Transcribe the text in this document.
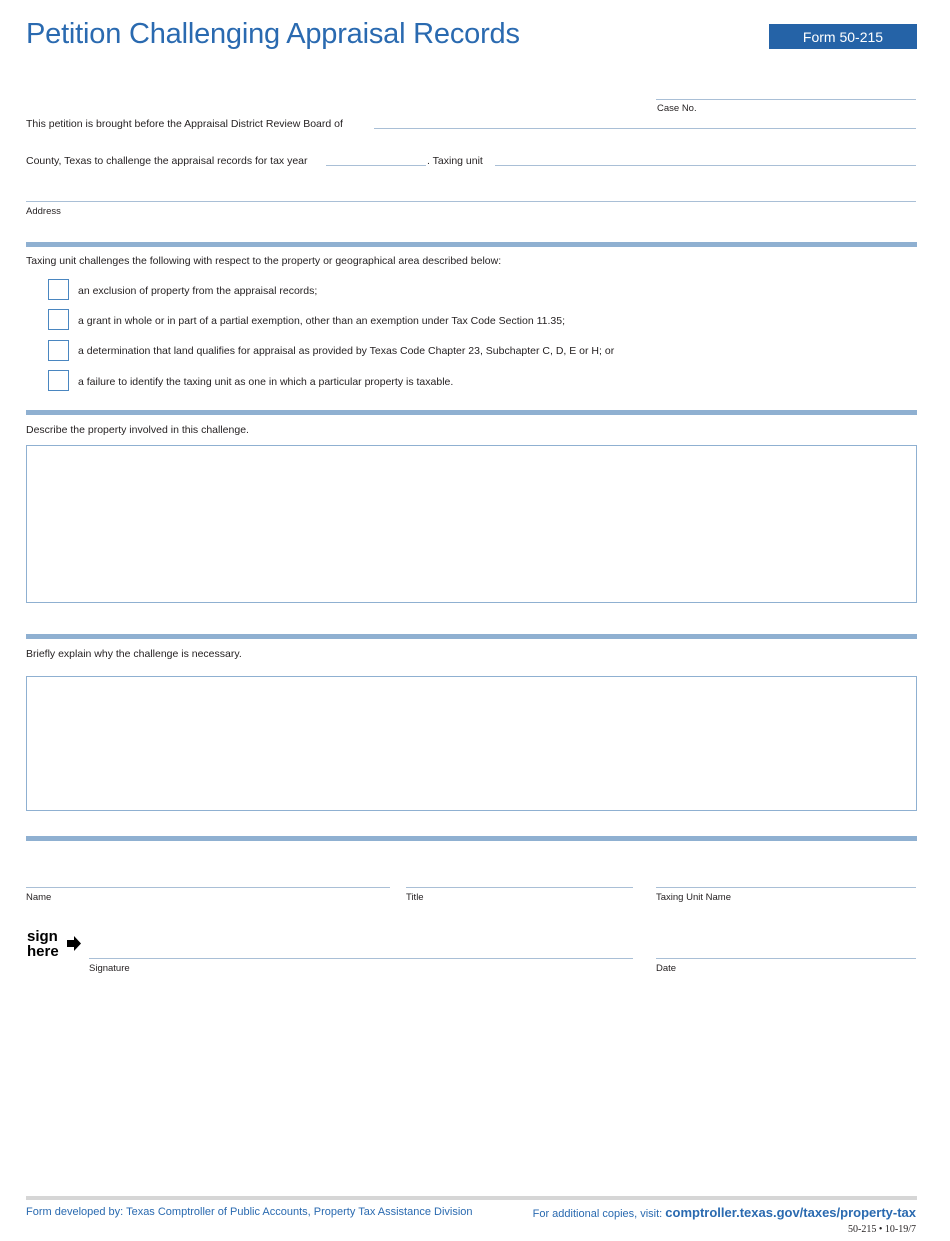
Petition Challenging Appraisal Records	Form 50-215
Case No.
This petition is brought before the Appraisal District Review Board of
County, Texas to challenge the appraisal records for tax year	. Taxing unit
Address
Taxing unit challenges the following with respect to the property or geographical area described below:
an exclusion of property from the appraisal records;
a grant in whole or in part of a partial exemption, other than an exemption under Tax Code Section 11.35;
a determination that land qualifies for appraisal as provided by Texas Code Chapter 23, Subchapter C, D, E or H; or
a failure to identify the taxing unit as one in which a particular property is taxable.
Describe the property involved in this challenge.
Briefly explain why the challenge is necessary.
Name	Title	Taxing Unit Name
sign
here
Signature	Date
Form developed by: Texas Comptroller of Public Accounts, Property Tax Assistance Division	For additional copies, visit: comptroller.texas.gov/taxes/property-tax
50-215 • 10-19/7
